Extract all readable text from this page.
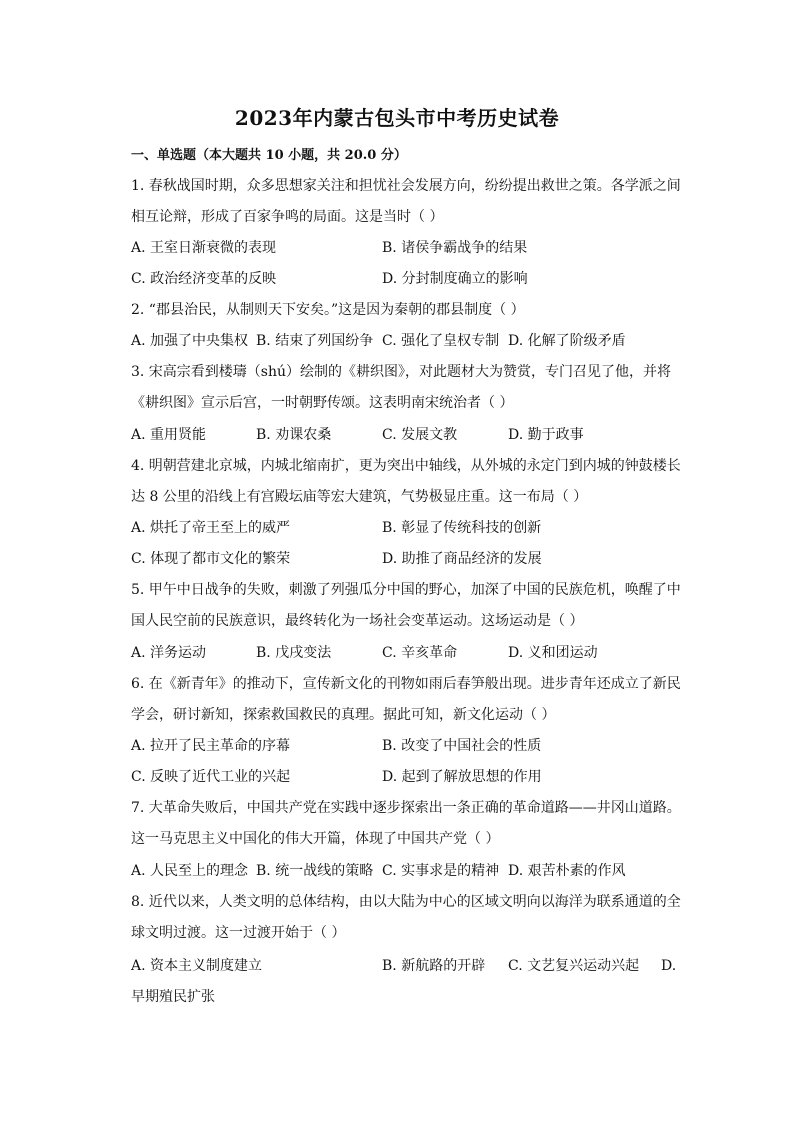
2023年内蒙古包头市中考历史试卷
一、单选题（本大题共 10 小题，共 20.0 分）
1. 春秋战国时期，众多思想家关注和担忧社会发展方向，纷纷提出救世之策。各学派之间
相互论辩，形成了百家争鸣的局面。这是当时（ ）
A. 王室日渐衰微的表现	B. 诸侯争霸战争的结果
C. 政治经济变革的反映	D. 分封制度确立的影响
2. “郡县治民，从制则天下安矣。”这是因为秦朝的郡县制度（ ）
A. 加强了中央集权 B. 结束了列国纷争 C. 强化了皇权专制 D. 化解了阶级矛盾
3. 宋高宗看到楼璹（shú）绘制的《耕织图》，对此题材大为赞赏，专门召见了他，并将
《耕织图》宣示后宫，一时朝野传颂。这表明南宋统治者（ ）
A. 重用贤能	B. 劝课农桑	C. 发展文教	D. 勤于政事
4. 明朝营建北京城，内城北缩南扩，更为突出中轴线，从外城的永定门到内城的钟鼓楼长
达 8 公里的沿线上有宫殿坛庙等宏大建筑，气势极显庄重。这一布局（ ）
A. 烘托了帝王至上的威严	B. 彰显了传统科技的创新
C. 体现了都市文化的繁荣	D. 助推了商品经济的发展
5. 甲午中日战争的失败，刺激了列强瓜分中国的野心，加深了中国的民族危机，唤醒了中
国人民空前的民族意识，最终转化为一场社会变革运动。这场运动是（ ）
A. 洋务运动	B. 戊戌变法	C. 辛亥革命	D. 义和团运动
6. 在《新青年》的推动下，宣传新文化的刊物如雨后春笋般出现。进步青年还成立了新民
学会，研讨新知，探索救国救民的真理。据此可知，新文化运动（ ）
A. 拉开了民主革命的序幕	B. 改变了中国社会的性质
C. 反映了近代工业的兴起	D. 起到了解放思想的作用
7. 大革命失败后，中国共产党在实践中逐步探索出一条正确的革命道路——井冈山道路。
这一马克思主义中国化的伟大开篇，体现了中国共产党（ ）
A. 人民至上的理念 B. 统一战线的策略 C. 实事求是的精神 D. 艰苦朴素的作风
8. 近代以来，人类文明的总体结构，由以大陆为中心的区域文明向以海洋为联系通道的全
球文明过渡。这一过渡开始于（ ）
A. 资本主义制度建立	B. 新航路的开辟 C. 文艺复兴运动兴起 D.
早期殖民扩张
